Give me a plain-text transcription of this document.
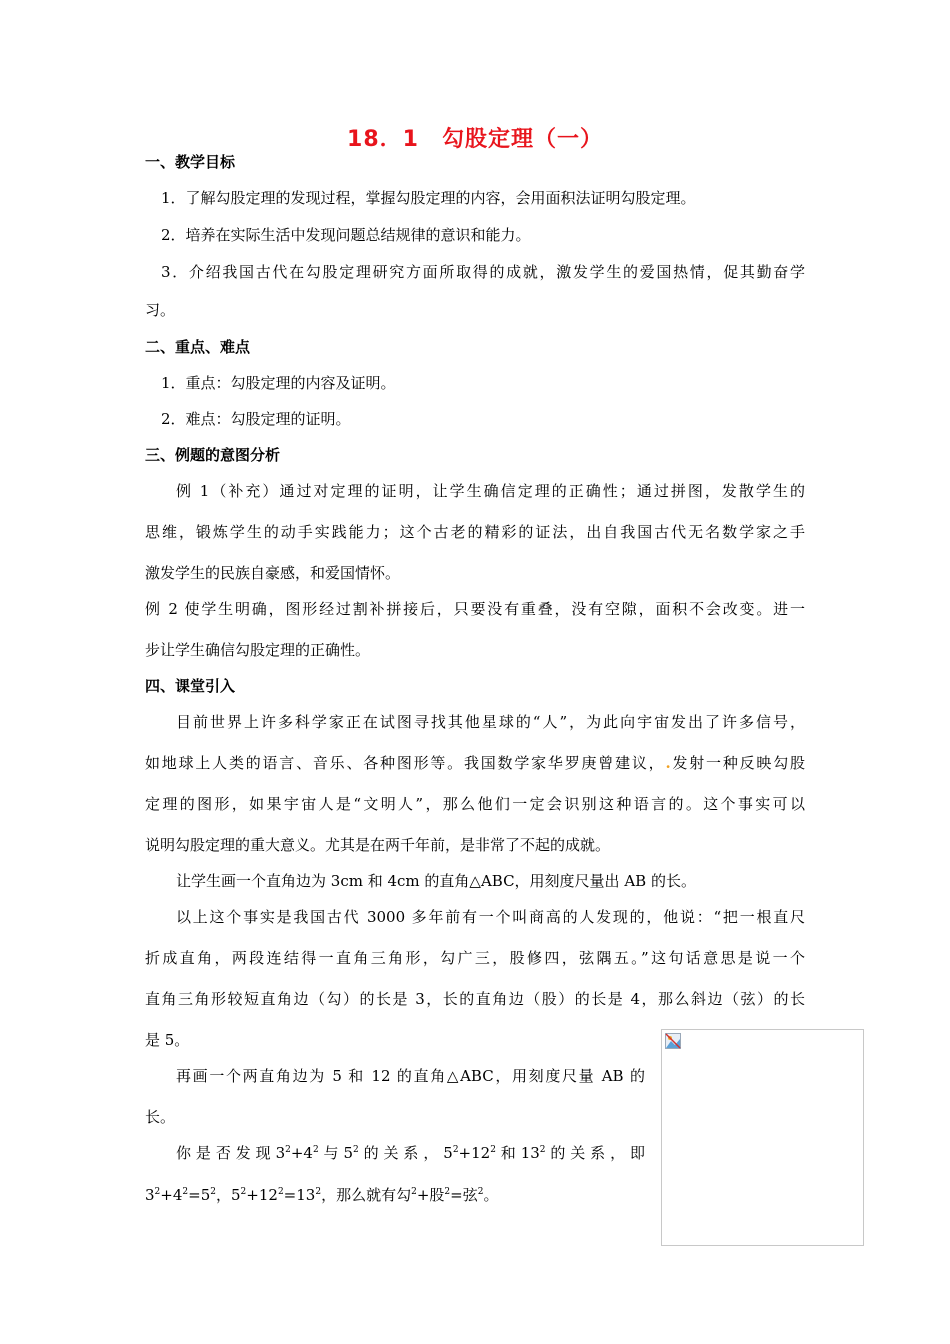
18．1　勾股定理（一）
一、教学目标
1．了解勾股定理的发现过程，掌握勾股定理的内容，会用面积法证明勾股定理。
2．培养在实际生活中发现问题总结规律的意识和能力。
3．介绍我国古代在勾股定理研究方面所取得的成就，激发学生的爱国热情，促其勤奋学
习。
二、重点、难点
1．重点：勾股定理的内容及证明。
2．难点：勾股定理的证明。
三、例题的意图分析
例 1（补充）通过对定理的证明，让学生确信定理的正确性；通过拼图，发散学生的
思维，锻炼学生的动手实践能力；这个古老的精彩的证法，出自我国古代无名数学家之手
激发学生的民族自豪感，和爱国情怀。
例 2 使学生明确，图形经过割补拼接后，只要没有重叠，没有空隙，面积不会改变。进一
步让学生确信勾股定理的正确性。
四、课堂引入
目前世界上许多科学家正在试图寻找其他星球的“人”，为此向宇宙发出了许多信号，
如地球上人类的语言、音乐、各种图形等。我国数学家华罗庚曾建议，.发射一种反映勾股
定理的图形，如果宇宙人是“文明人”，那么他们一定会识别这种语言的。这个事实可以
说明勾股定理的重大意义。尤其是在两千年前，是非常了不起的成就。
让学生画一个直角边为 3cm 和 4cm 的直角△ABC，用刻度尺量出 AB 的长。
以上这个事实是我国古代 3000 多年前有一个叫商高的人发现的，他说：“把一根直尺
折成直角，两段连结得一直角三角形，勾广三，股修四，弦隅五。”这句话意思是说一个
直角三角形较短直角边（勾）的长是 3，长的直角边（股）的长是 4，那么斜边（弦）的长
是 5。
再画一个两直角边为 5 和 12 的直角△ABC，用刻度尺量 AB 的
长。
你 是 否 发 现 $3^2+4^2$ 与 $5^2$ 的 关 系 ， $5^2+12^2$ 和 $13^2$ 的 关 系 ， 即
$3^2+4^2=5^2$，$5^2+12^2=13^2$，那么就有勾$^2$+股$^2$=弦$^2$。
